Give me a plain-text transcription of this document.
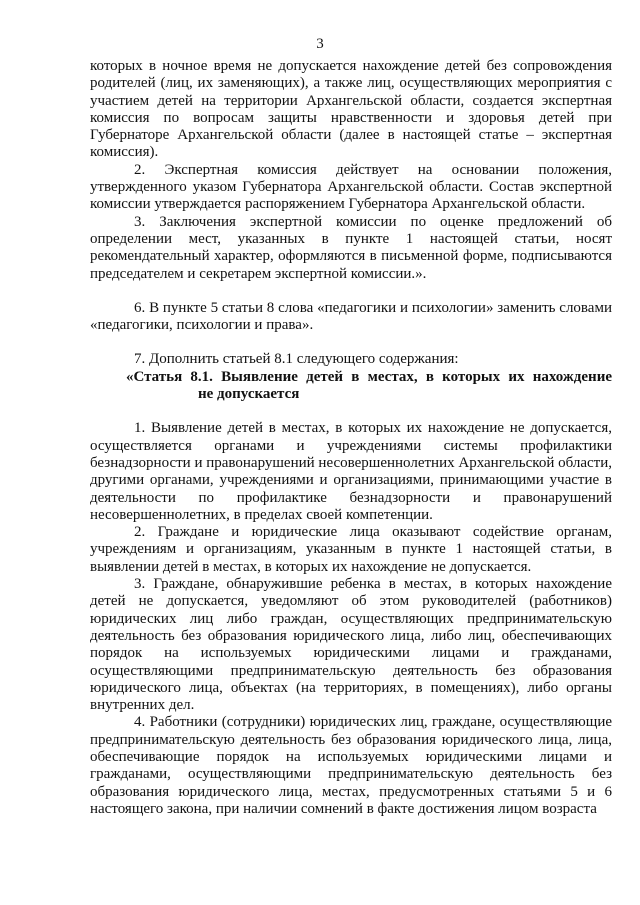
3

которых в ночное время не допускается нахождение детей без сопровождения родителей (лиц, их заменяющих), а также лиц, осуществляющих мероприятия с участием детей на территории Архангельской области, создается экспертная комиссия по вопросам защиты нравственности и здоровья детей при Губернаторе Архангельской области (далее в настоящей статье – экспертная комиссия).

2. Экспертная комиссия действует на основании положения, утвержденного указом Губернатора Архангельской области. Состав экспертной комиссии утверждается распоряжением Губернатора Архангельской области.

3. Заключения экспертной комиссии по оценке предложений об определении мест, указанных в пункте 1 настоящей статьи, носят рекомендательный характер, оформляются в письменной форме, подписываются председателем и секретарем экспертной комиссии.».

6. В пункте 5 статьи 8 слова «педагогики и психологии» заменить словами «педагогики, психологии и права».

7. Дополнить статьей 8.1 следующего содержания:

«Статья 8.1. Выявление детей в местах, в которых их нахождение
не допускается

1. Выявление детей в местах, в которых их нахождение не допускается, осуществляется органами и учреждениями системы профилактики безнадзорности и правонарушений несовершеннолетних Архангельской области, другими органами, учреждениями и организациями, принимающими участие в деятельности по профилактике безнадзорности и правонарушений несовершеннолетних, в пределах своей компетенции.

2. Граждане и юридические лица оказывают содействие органам, учреждениям и организациям, указанным в пункте 1 настоящей статьи, в выявлении детей в местах, в которых их нахождение не допускается.

3. Граждане, обнаружившие ребенка в местах, в которых нахождение детей не допускается, уведомляют об этом руководителей (работников) юридических лиц либо граждан, осуществляющих предпринимательскую деятельность без образования юридического лица, либо лиц, обеспечивающих порядок на используемых юридическими лицами и гражданами, осуществляющими предпринимательскую деятельность без образования юридического лица, объектах (на территориях, в помещениях), либо органы внутренних дел.

4. Работники (сотрудники) юридических лиц, граждане, осуществляющие предпринимательскую деятельность без образования юридического лица, лица, обеспечивающие порядок на используемых юридическими лицами и гражданами, осуществляющими предпринимательскую деятельность без образования юридического лица, местах, предусмотренных статьями 5 и 6 настоящего закона, при наличии сомнений в факте достижения лицом возраста
